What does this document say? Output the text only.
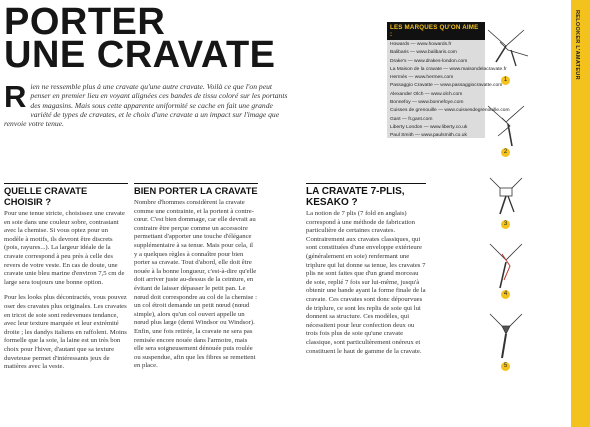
PORTER
UNE CRAVATE
R ien ne ressemble plus à une cravate qu'une autre cravate. Voilà ce que l'on peut penser en premier lieu en voyant alignées ces bandes de tissu coloré sur les portants des magasins. Mais sous cette apparente uniformité se cache en fait une grande variété de types de cravates, et le choix d'une cravate a un impact sur l'image que renvoie votre tenue.
LES MARQUES QU'ON AIME :
Howards — www.howards.fr
Balibaris — www.balibaris.com
Drake's — www.drakes-london.com
La Maison de la cravate — www.maisondelacravate.fr
Hermès — www.hermes.com
Passaggio Cravatte — www.passaggiocravatte.com
Alexander Olch — www.olch.com
Bonnefoy — www.bonnefoye.com
Cuisses de grenouille — www.cuissesdegrenouille.com
Gant — fr.gant.com
Liberty London — www.liberty.co.uk
Paul Smith — www.paulsmith.co.uk
1
2
3
4
5
RELOOKER L'AMATEUR
QUELLE CRAVATE CHOISIR ?

Pour une tenue stricte, choisissez une cravate en soie dans une couleur sobre, contrastant avec la chemise. Si vous optez pour un modèle à motifs, ils devront être discrets (pois, rayures...). La largeur idéale de la cravate correspond à peu près à celle des revers de votre veste. En cas de doute, une cravate unie bleu marine d'environ 7,5 cm de large sera toujours une bonne option.

Pour les looks plus décontractés, vous pouvez oser des cravates plus originales. Les cravates en tricot de soie sont redevenues tendance, avec leur texture marquée et leur extrémité droite ; les dandys italiens en raffolent. Moins formelle que la soie, la laine est un très bon choix pour l'hiver, d'autant que sa texture duveteuse permet d'intéressants jeux de matières avec la veste.

BIEN PORTER LA CRAVATE

Nombre d'hommes considèrent la cravate comme une contrainte, et la portent à contre-cœur. C'est bien dommage, car elle devrait au contraire être perçue comme un accessoire permettant d'apporter une touche d'élégance supplémentaire à sa tenue. Mais pour cela, il y a quelques règles à connaître pour bien porter sa cravate. Tout d'abord, elle doit être nouée à la bonne longueur, c'est-à-dire qu'elle doit arriver juste au-dessus de la ceinture, en évitant de laisser dépasser le petit pan. Le nœud doit correspondre au col de la chemise : un col étroit demande un petit nœud (nœud simple), alors qu'un col ouvert appelle un nœud plus large (demi Windsor ou Windsor). Enfin, une fois retirée, la cravate ne sera pas remisée encore nouée dans l'armoire, mais elle sera soigneusement dénouée puis roulée ou suspendue, afin que les fibres se remettent en place.

LA CRAVATE 7-PLIS, KESAKO ?

La notion de 7 plis (7 fold en anglais) correspond à une méthode de fabrication particulière de certaines cravates. Contrairement aux cravates classiques, qui sont constituées d'une enveloppe extérieure (généralement en soie) renfermant une triplure qui lui donne sa tenue, les cravates 7 plis ne sont faites que d'un grand morceau de soie, replié 7 fois sur lui-même, jusqu'à obtenir une bande ayant la forme finale de la cravate. Ces cravates sont donc dépourvues de triplure, ce sont les replis de soie qui lui donnent sa structure. Ces modèles, qui nécessitent pour leur confection deux ou trois fois plus de soie qu'une cravate classique, sont particulièrement onéreux et constituent le haut de gamme de la cravate.
